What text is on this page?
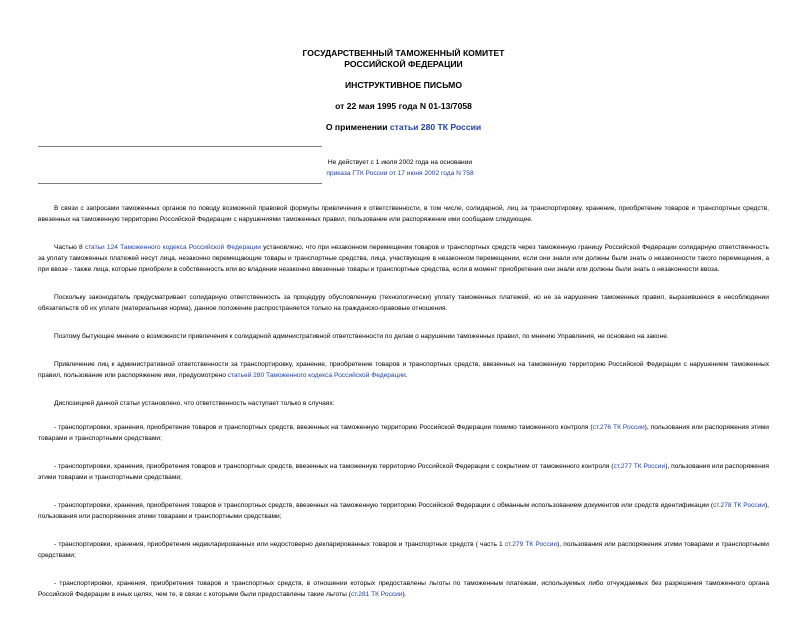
ГОСУДАРСТВЕННЫЙ ТАМОЖЕННЫЙ КОМИТЕТ
РОССИЙСКОЙ ФЕДЕРАЦИИ
ИНСТРУКТИВНОЕ ПИСЬМО
от 22 мая 1995 года N 01-13/7058
О применении статьи 280 ТК России
Не действует с 1 июля 2002 года на основании
приказа ГТК России от 17 июня 2002 года N 758

В связи с запросами таможенных органов по поводу возможной правовой формулы привлечения к ответственности, в том числе, солидарной, лиц за транспортировку, хранение, приобретение товаров и транспортных средств, ввезенных на таможенную территорию Российской Федерации с нарушениями таможенных правил, пользование или распоряжение ими сообщаем следующее.

Частью 8 статьи 124 Таможенного кодекса Российской Федерации установлено, что при незаконном перемещении товаров и транспортных средств через таможенную границу Российской Федерации солидарную ответственность за уплату таможенных платежей несут лица, незаконно перемещающие товары и транспортные средства, лица, участвующие в незаконном перемещении, если они знали или должны были знать о незаконности такого перемещения, а при ввозе - также лица, которые приобрели в собственность или во владение незаконно ввезенные товары и транспортные средства, если в момент приобретения они знали или должны были знать о незаконности ввоза.

Поскольку законодатель предусматривает солидарную ответственность за процедуру обусловленную (технологически) уплату таможенных платежей, но не за нарушение таможенных правил, выразившееся в несоблюдении обязательств об их уплате (материальная норма), данное положение распространяется только на гражданско-правовые отношения.

Поэтому бытующее мнение о возможности привлечения к солидарной административной ответственности по делам о нарушении таможенных правил, по мнению Управления, не основано на законе.

Привлечение лиц к административной ответственности за транспортировку, хранение, приобретение товаров и транспортных средств, ввезенных на таможенную территорию Российской Федерации с нарушением таможенных правил, пользование или распоряжение ими, предусмотрено статьей 280 Таможенного кодекса Российской Федерации.

Диспозицией данной статьи установлено, что ответственность наступает только в случаях:

- транспортировки, хранения, приобретения товаров и транспортных средств, ввезенных на таможенную территорию Российской Федерации помимо таможенного контроля (ст.276 ТК России), пользования или распоряжения этими товарами и транспортными средствами;

- транспортировки, хранения, приобретения товаров и транспортных средств, ввезенных на таможенную территорию Российской Федерации с сокрытием от таможенного контроля (ст.277 ТК России), пользования или распоряжения этими товарами и транспортными средствами;

- транспортировки, хранения, приобретения товаров и транспортных средств, ввезенных на таможенную территорию Российской Федерации с обманным использованием документов или средств идентификации (ст.278 ТК России), пользования или распоряжения этими товарами и транспортными средствами;

- транспортировки, хранения, приобретения недекларированных или недостоверно декларированных товаров и транспортных средств ( часть 1 ст.279 ТК России), пользования или распоряжения этими товарами и транспортными средствами;

- транспортировки, хранения, приобретения товаров и транспортных средств, в отношении которых предоставлены льготы по таможенным платежам, используемых либо отчуждаемых без разрешения таможенного органа Российской Федерации в иных целях, чем те, в связи с которыми были предоставлены такие льготы (ст.281 ТК России).
